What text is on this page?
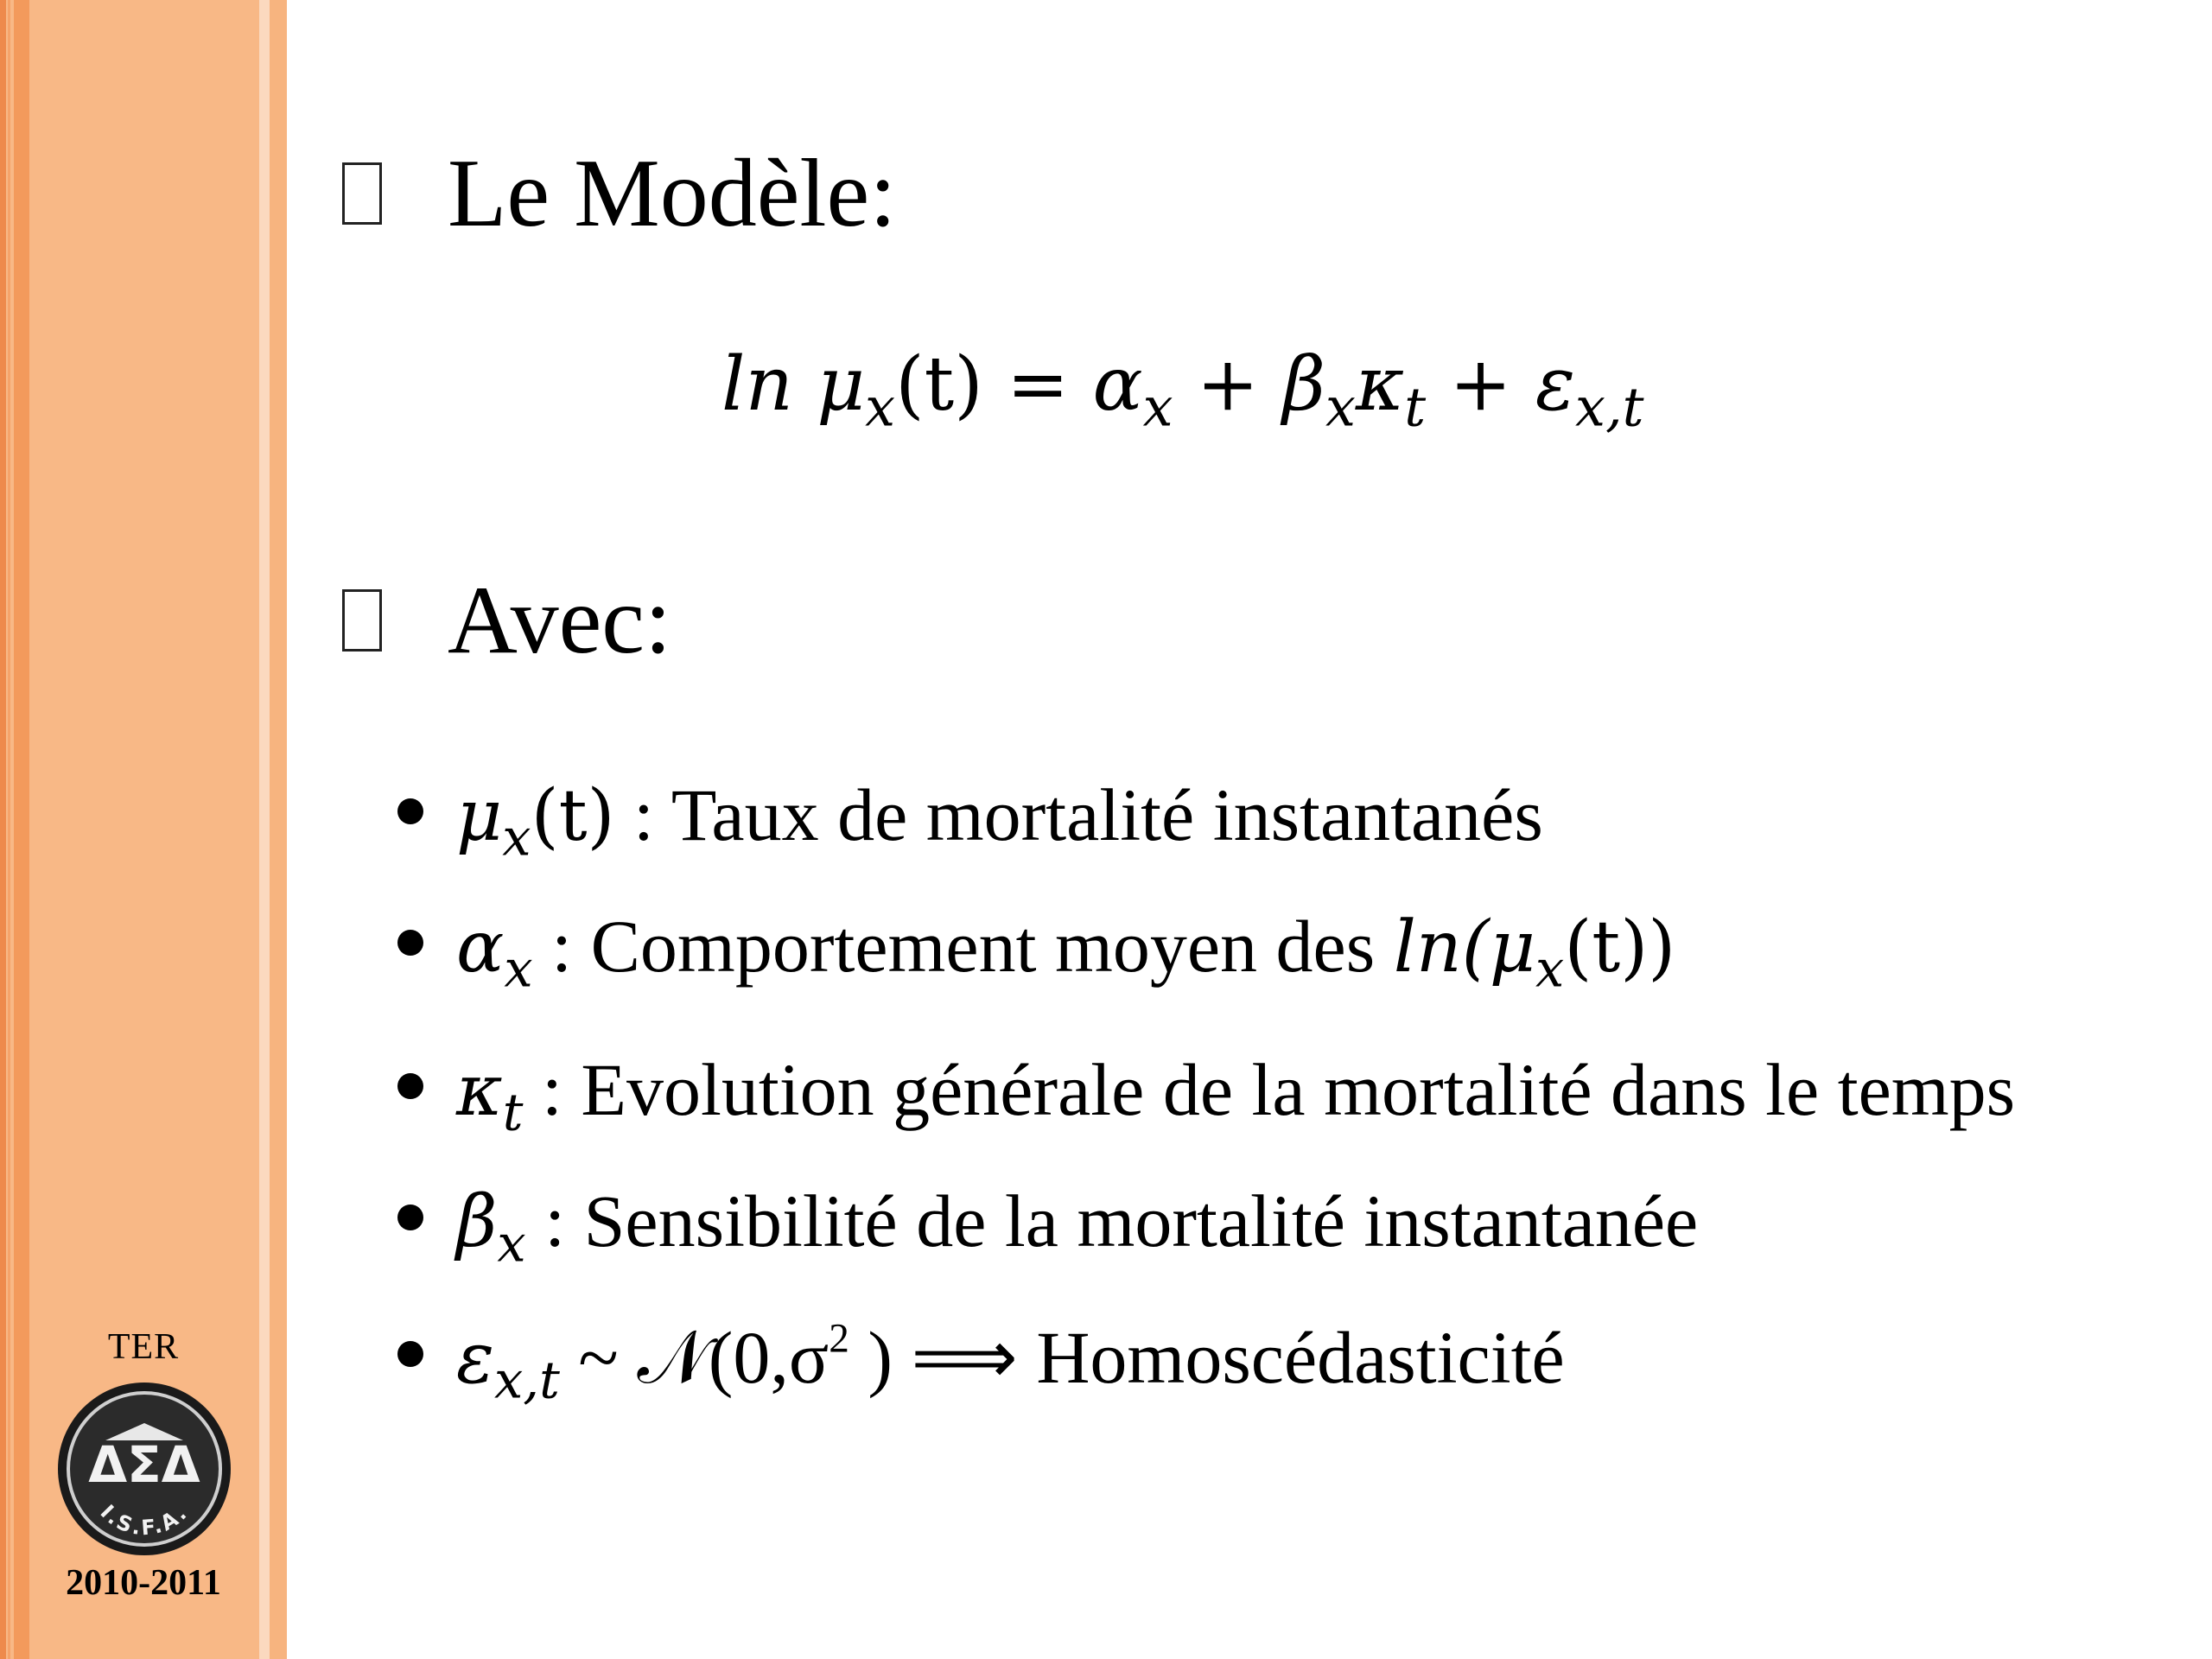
TER
ΔΣΔ
I.S.F.A.
2010-2011
Le Modèle:
$\ln \mu_x(t) = \alpha_x + \beta_x\kappa_t + \varepsilon_{x,t}$
Avec:
$\mu_x(t)$ : Taux de mortalité instantanés
$\alpha_x$ : Comportement moyen des $\ln(\mu_x(t))$
$\kappa_t$ : Evolution générale de la mortalité dans le temps
$\beta_x$ : Sensibilité de la mortalité instantanée
$\varepsilon_{x,t}$ ~ $𝒩(0,\sigma^2$ ) ⟹ Homoscédasticité
